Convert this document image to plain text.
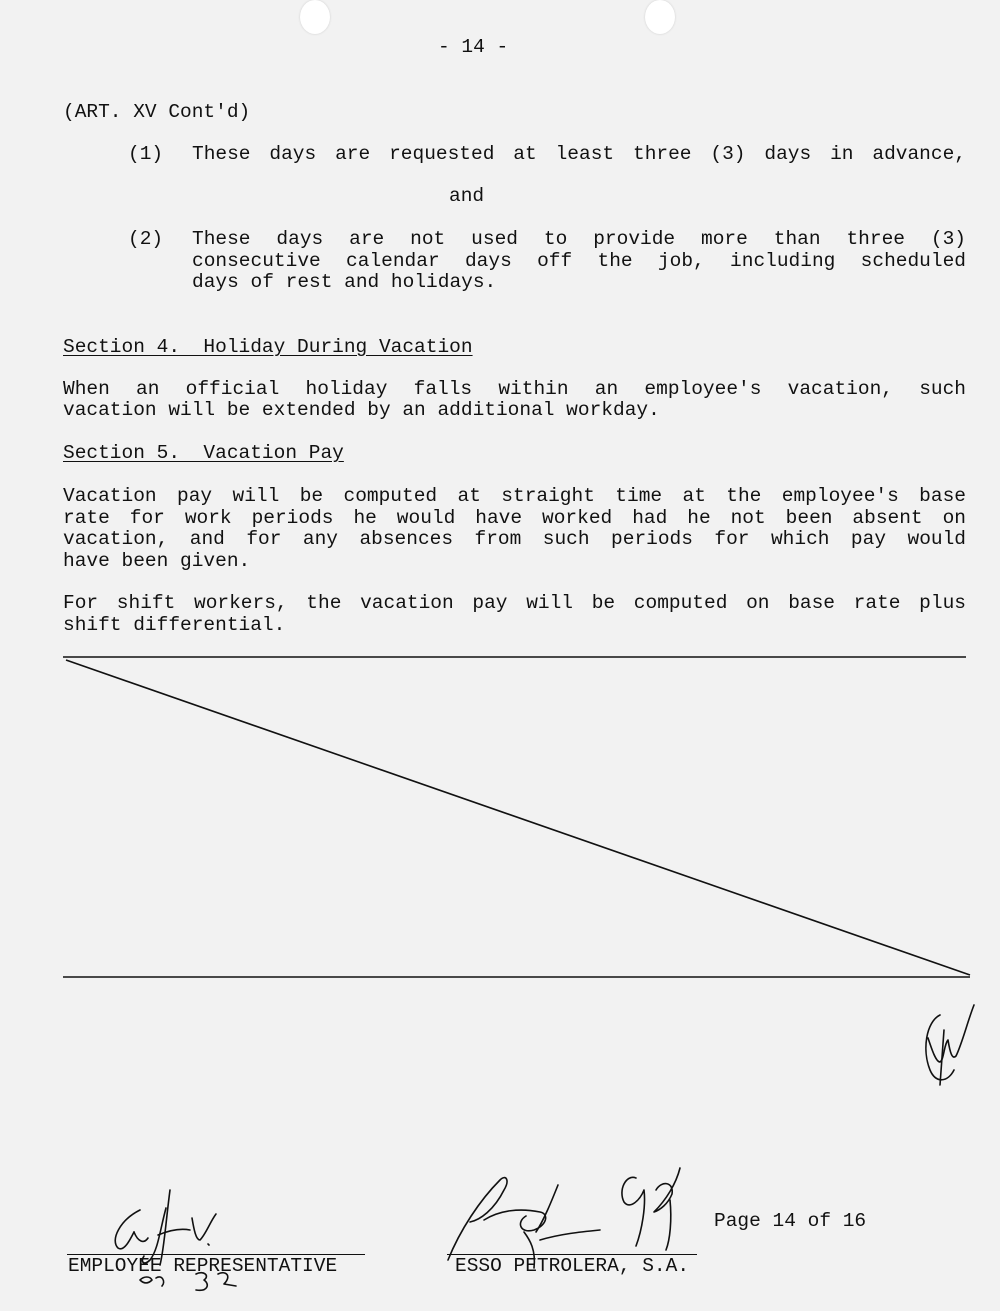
- 14 -
(ART. XV Cont'd)
(1) These days are requested at least three (3) days in advance,
and
(2) These days are not used to provide more than three (3)
consecutive calendar days off the job, including scheduled
days of rest and holidays.
Section 4.  Holiday During Vacation
When an official holiday falls within an employee's vacation, such
vacation will be extended by an additional workday.
Section 5.  Vacation Pay
Vacation pay will be computed at straight time at the employee's base
rate for work periods he would have worked had he not been absent on
vacation, and for any absences from such periods for which pay would
have been given.
For shift workers, the vacation pay will be computed on base rate plus
shift differential.
EMPLOYEE REPRESENTATIVE	ESSO PETROLERA, S.A.
Page 14 of 16
